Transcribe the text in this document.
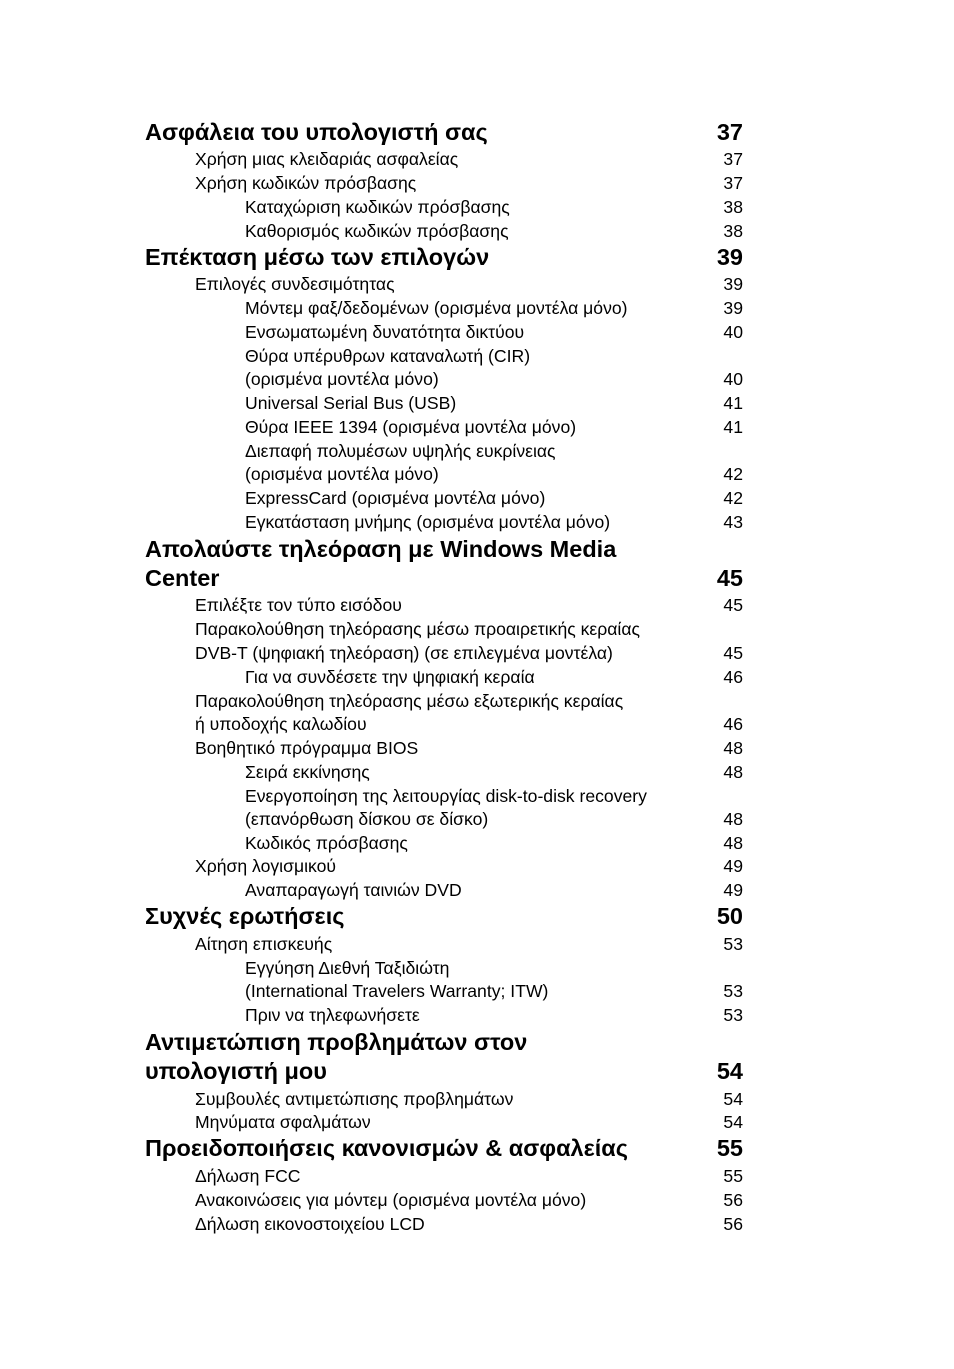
Ασφάλεια του υπολογιστή σας	37
Χρήση μιας κλειδαριάς ασφαλείας	37
Χρήση κωδικών πρόσβασης	37
Καταχώριση κωδικών πρόσβασης	38
Καθορισμός κωδικών πρόσβασης	38
Επέκταση μέσω των επιλογών	39
Επιλογές συνδεσιμότητας	39
Μόντεμ φαξ/δεδομένων (ορισμένα μοντέλα μόνο)	39
Ενσωματωμένη δυνατότητα δικτύου	40
Θύρα υπέρυθρων καταναλωτή (CIR)
(ορισμένα μοντέλα μόνο)	40
Universal Serial Bus (USB)	41
Θύρα IEEE 1394 (ορισμένα μοντέλα μόνο)	41
Διεπαφή πολυμέσων υψηλής ευκρίνειας
(ορισμένα μοντέλα μόνο)	42
ExpressCard (ορισμένα μοντέλα μόνο)	42
Εγκατάσταση μνήμης (ορισμένα μοντέλα μόνο)	43
Απολαύστε τηλεόραση με Windows Media
Center	45
Επιλέξτε τον τύπο εισόδου	45
Παρακολούθηση τηλεόρασης μέσω προαιρετικής κεραίας
DVB-T (ψηφιακή τηλεόραση) (σε επιλεγμένα μοντέλα)	45
Για να συνδέσετε την ψηφιακή κεραία	46
Παρακολούθηση τηλεόρασης μέσω εξωτερικής κεραίας
ή υποδοχής καλωδίου	46
Βοηθητικό πρόγραμμα BIOS	48
Σειρά εκκίνησης	48
Ενεργοποίηση της λειτουργίας disk-to-disk recovery
(επανόρθωση δίσκου σε δίσκο)	48
Κωδικός πρόσβασης	48
Χρήση λογισμικού	49
Αναπαραγωγή ταινιών DVD	49
Συχνές ερωτήσεις	50
Αίτηση επισκευής	53
Εγγύηση Διεθνή Ταξιδιώτη
(International Travelers Warranty; ITW)	53
Πριν να τηλεφωνήσετε	53
Αντιμετώπιση προβλημάτων στον
υπολογιστή μου	54
Συμβουλές αντιμετώπισης προβλημάτων	54
Μηνύματα σφαλμάτων	54
Προειδοποιήσεις κανονισμών & ασφαλείας	55
Δήλωση FCC	55
Ανακοινώσεις για μόντεμ (ορισμένα μοντέλα μόνο)	56
Δήλωση εικονοστοιχείου LCD	56
